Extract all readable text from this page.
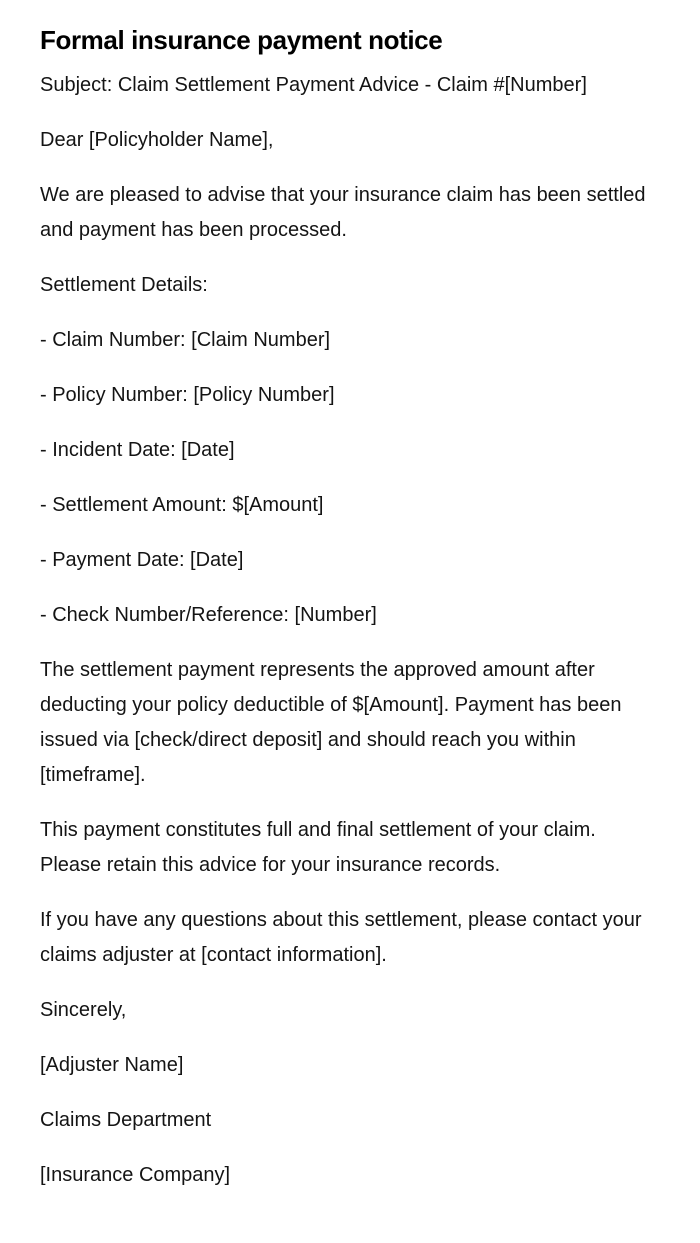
Formal insurance payment notice

Subject: Claim Settlement Payment Advice - Claim #[Number]

Dear [Policyholder Name],

We are pleased to advise that your insurance claim has been settled and payment has been processed.

Settlement Details:

- Claim Number: [Claim Number]

- Policy Number: [Policy Number]

- Incident Date: [Date]

- Settlement Amount: $[Amount]

- Payment Date: [Date]

- Check Number/Reference: [Number]

The settlement payment represents the approved amount after deducting your policy deductible of $[Amount]. Payment has been issued via [check/direct deposit] and should reach you within [timeframe].

This payment constitutes full and final settlement of your claim. Please retain this advice for your insurance records.

If you have any questions about this settlement, please contact your claims adjuster at [contact information].

Sincerely,

[Adjuster Name]

Claims Department

[Insurance Company]
